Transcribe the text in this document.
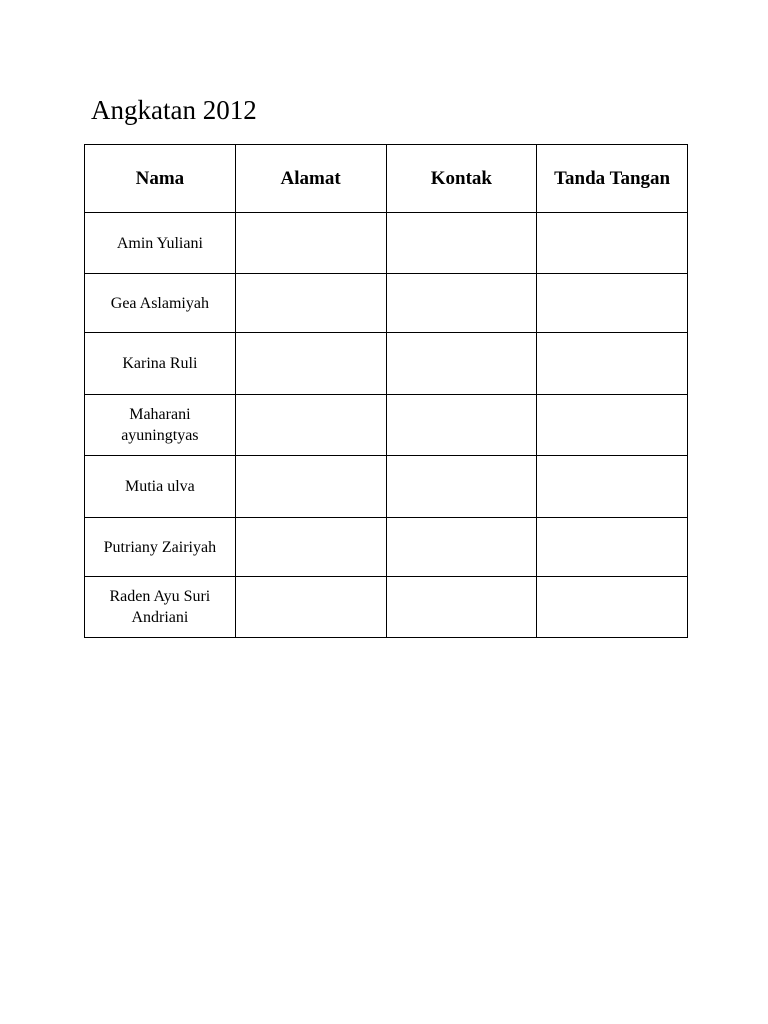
Angkatan 2012
Nama	Alamat	Kontak	Tanda Tangan
Amin Yuliani			
Gea Aslamiyah			
Karina Ruli			
Maharani ayuningtyas			
Mutia ulva			
Putriany Zairiyah			
Raden Ayu Suri Andriani			
